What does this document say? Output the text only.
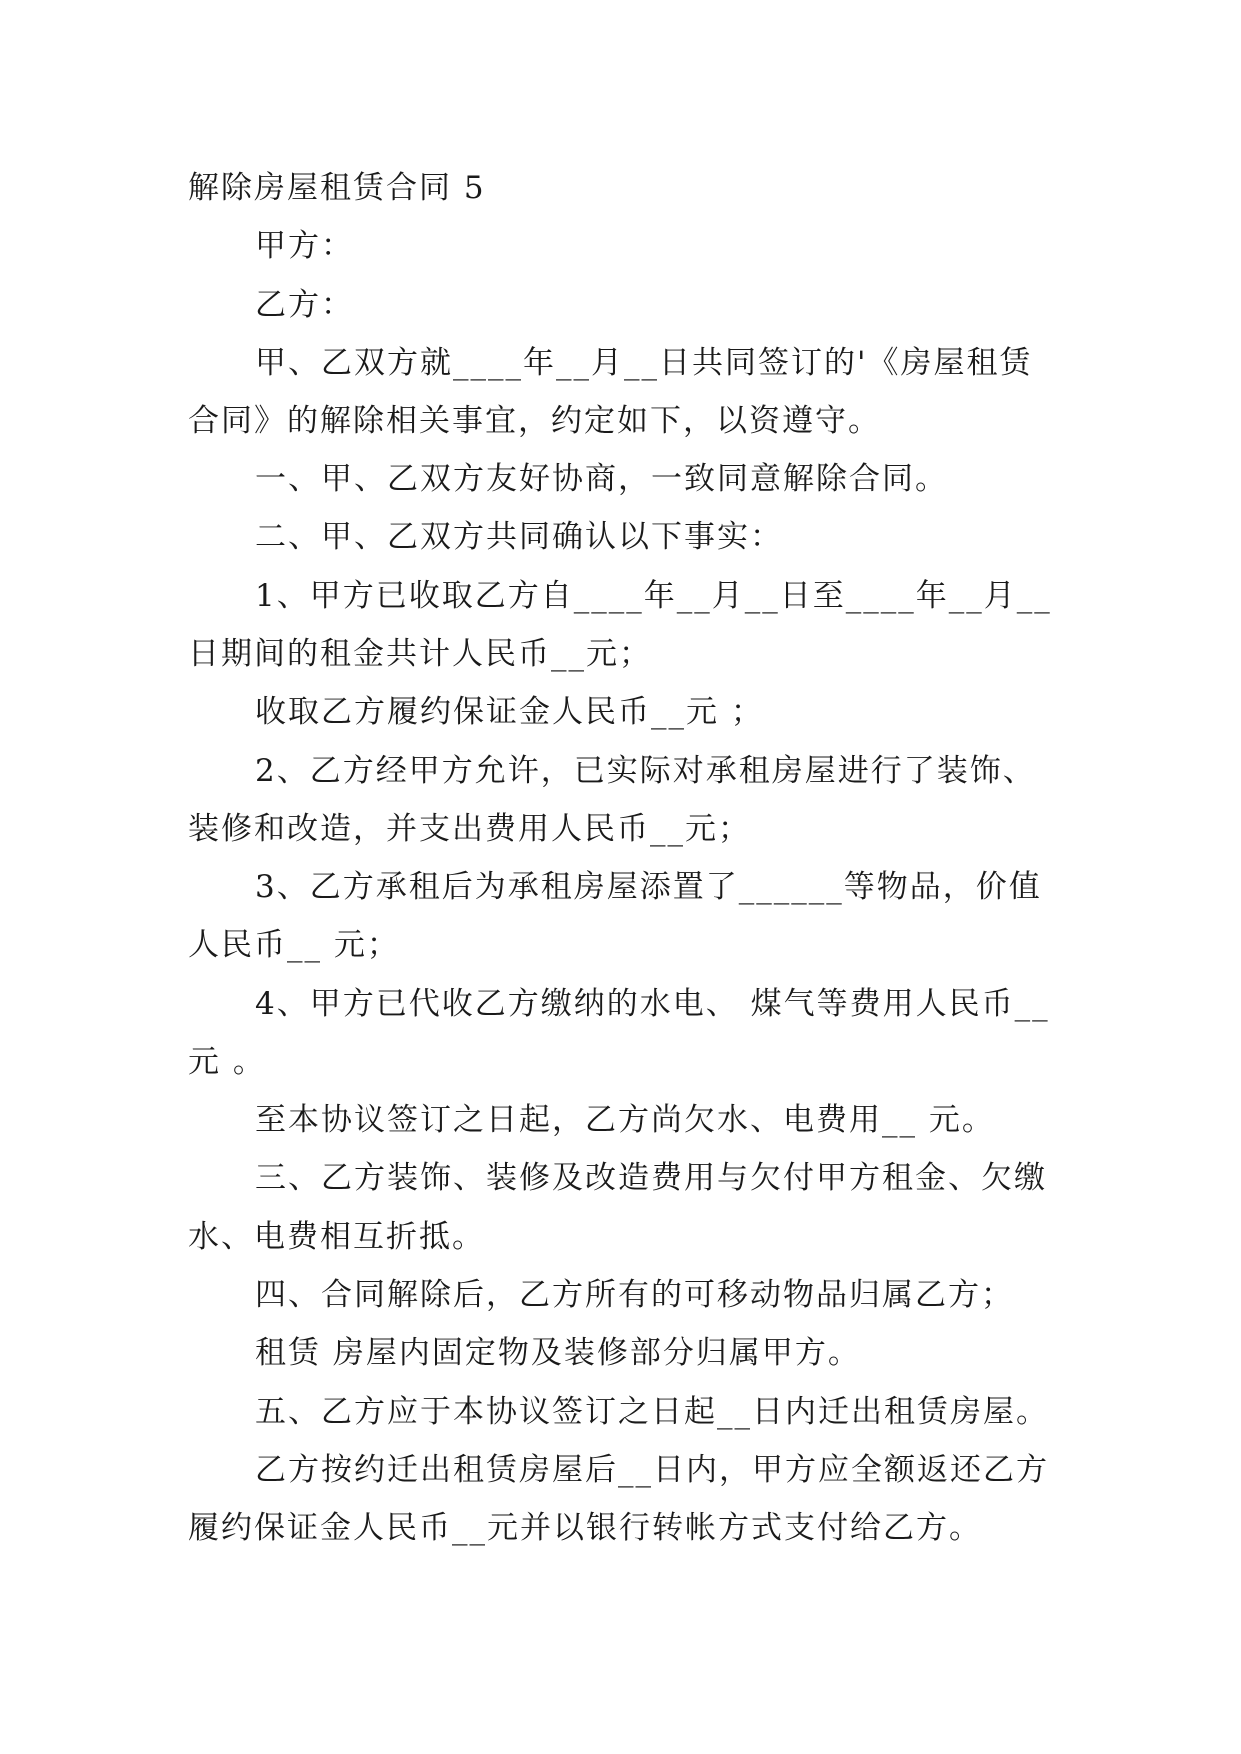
解除房屋租赁合同 5
甲方：
乙方：
甲、乙双方就____年__月__日共同签订的'《房屋租赁
合同》的解除相关事宜，约定如下，以资遵守。
一、甲、乙双方友好协商，一致同意解除合同。
二、甲、乙双方共同确认以下事实：
1、甲方已收取乙方自____年__月__日至____年__月__
日期间的租金共计人民币__元；
收取乙方履约保证金人民币__元 ；
2、乙方经甲方允许，已实际对承租房屋进行了装饰、
装修和改造，并支出费用人民币__元；
3、乙方承租后为承租房屋添置了______等物品，价值
人民币__ 元；
4、甲方已代收乙方缴纳的水电、 煤气等费用人民币__
元 。
至本协议签订之日起，乙方尚欠水、电费用__ 元。
三、乙方装饰、装修及改造费用与欠付甲方租金、欠缴
水、电费相互折抵。
四、合同解除后，乙方所有的可移动物品归属乙方；
租赁 房屋内固定物及装修部分归属甲方。
五、乙方应于本协议签订之日起__日内迁出租赁房屋。
乙方按约迁出租赁房屋后__日内，甲方应全额返还乙方
履约保证金人民币__元并以银行转帐方式支付给乙方。
